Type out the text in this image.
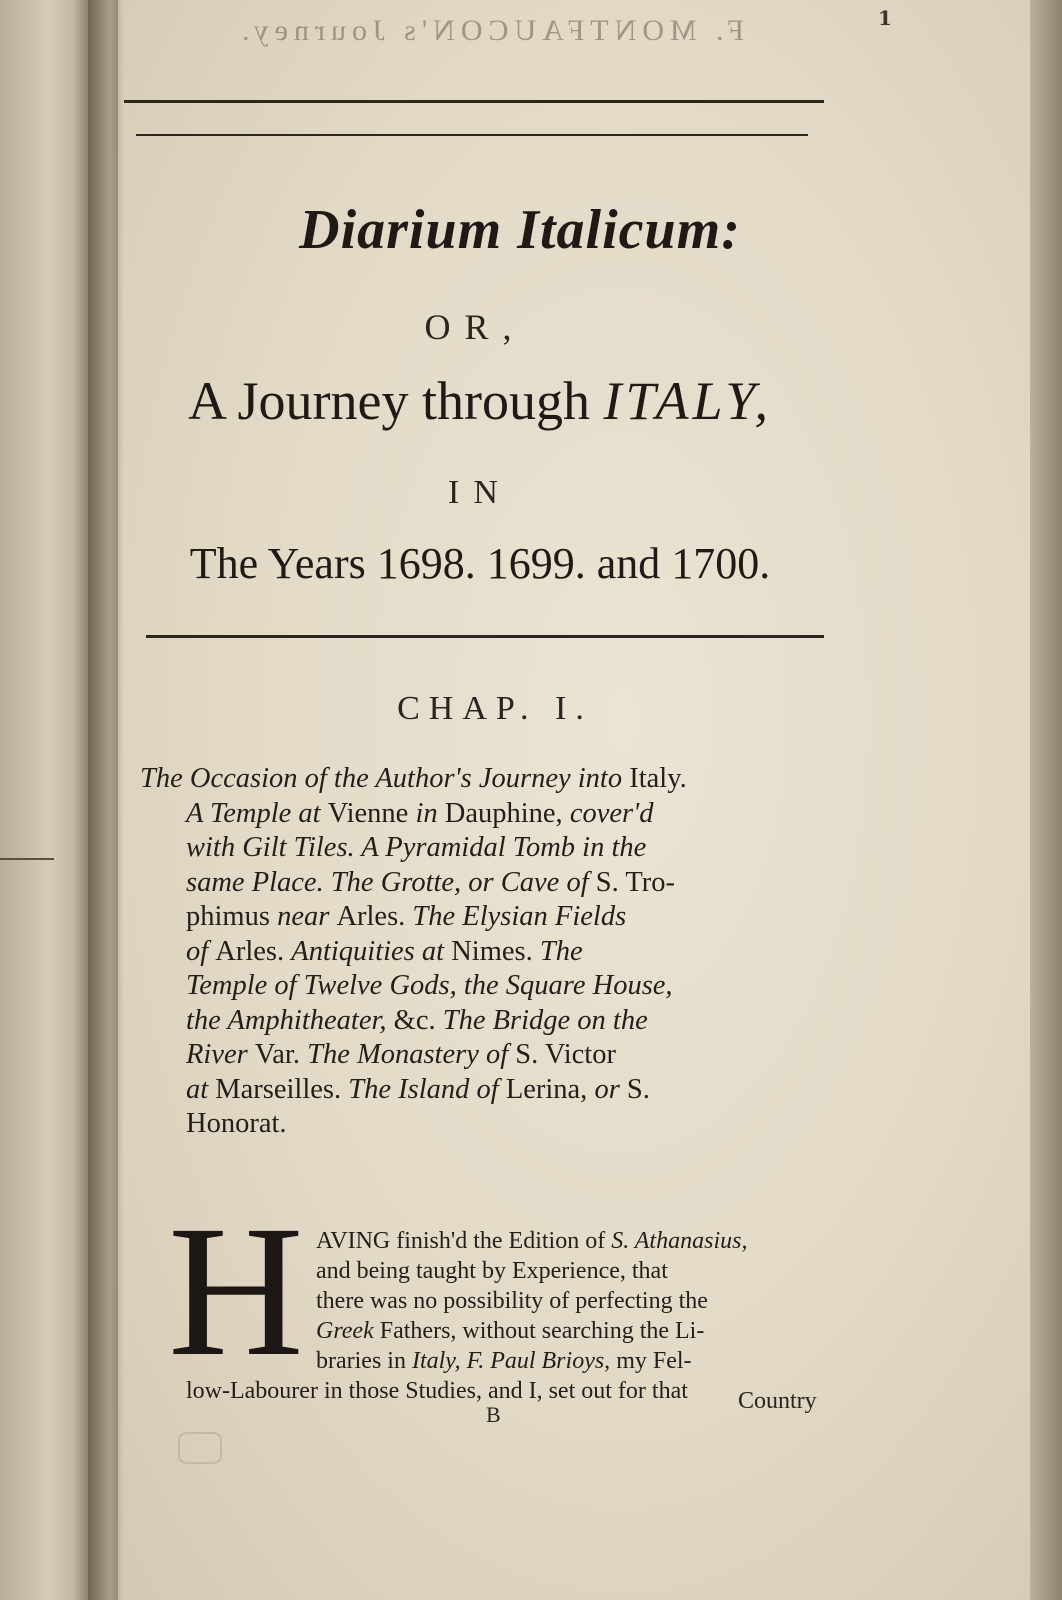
F. MONTFAUCON's Journey.	1
Diarium Italicum:
OR,
A Journey through ITALY,
IN
The Years 1698. 1699. and 1700.
CHAP. I.
The Occasion of the Author's Journey into Italy.
A Temple at Vienne in Dauphine, cover'd
with Gilt Tiles. A Pyramidal Tomb in the
same Place. The Grotte, or Cave of S. Tro-
phimus near Arles. The Elysian Fields
of Arles. Antiquities at Nimes. The
Temple of Twelve Gods, the Square House,
the Amphitheater, &c. The Bridge on the
River Var. The Monastery of S. Victor
at Marseilles. The Island of Lerina, or S.
Honorat.
H AVING finish'd the Edition of S. Athanasius,
and being taught by Experience, that
there was no possibility of perfecting the
Greek Fathers, without searching the Li-
braries in Italy, F. Paul Brioys, my Fel-
low-Labourer in those Studies, and I, set out for that
B
Country
